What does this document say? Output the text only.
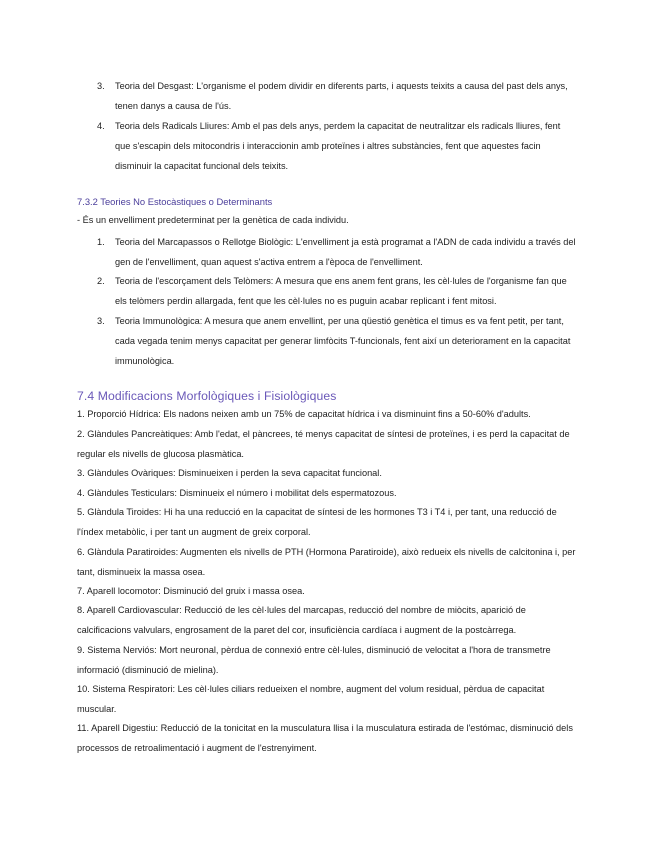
3. Teoria del Desgast: L'organisme el podem dividir en diferents parts, i aquests teixits a causa del past dels anys, tenen danys a causa de l'ús.
4. Teoria dels Radicals Lliures: Amb el pas dels anys, perdem la capacitat de neutralitzar els radicals lliures, fent que s'escapin dels mitocondris i interaccionin amb proteïnes i altres substàncies, fent que aquestes facin disminuir la capacitat funcional dels teixits.
7.3.2 Teories No Estocàstiques o Determinants
- És un envelliment predeterminat per la genètica de cada individu.
1. Teoria del Marcapassos o Rellotge Biològic: L'envelliment ja està programat a l'ADN de cada individu a través del gen de l'envelliment, quan aquest s'activa entrem a l'època de l'envelliment.
2. Teoria de l'escorçament dels Telòmers: A mesura que ens anem fent grans, les cèl·lules de l'organisme fan que els telòmers perdin allargada, fent que les cèl·lules no es puguin acabar replicant i fent mitosi.
3. Teoria Immunològica: A mesura que anem envellint, per una qüestió genètica el timus es va fent petit, per tant, cada vegada tenim menys capacitat per generar limfòcits T-funcionals, fent així un deteriorament en la capacitat immunològica.
7.4 Modificacions Morfològiques i Fisiològiques
1. Proporció Hídrica: Els nadons neixen amb un 75% de capacitat hídrica i va disminuint fins a 50-60% d'adults.
2. Glàndules Pancreàtiques: Amb l'edat, el pàncrees, té menys capacitat de síntesi de proteïnes, i es perd la capacitat de regular els nivells de glucosa plasmàtica.
3. Glàndules Ovàriques: Disminueixen i perden la seva capacitat funcional.
4. Glàndules Testiculars: Disminueix el número i mobilitat dels espermatozous.
5. Glàndula Tiroides: Hi ha una reducció en la capacitat de síntesi de les hormones T3 i T4 i, per tant, una reducció de l'índex metabòlic, i per tant un augment de greix corporal.
6. Glàndula Paratiroides: Augmenten els nivells de PTH (Hormona Paratiroide), això redueix els nivells de calcitonina i, per tant, disminueix la massa osea.
7. Aparell locomotor: Disminució del gruix i massa osea.
8. Aparell Cardiovascular: Reducció de les cèl·lules del marcapas, reducció del nombre de miòcits, aparició de calcificacions valvulars, engrosament de la paret del cor, insuficiència cardíaca i augment de la postcàrrega.
9. Sistema Nerviós: Mort neuronal, pèrdua de connexió entre cèl·lules, disminució de velocitat a l'hora de transmetre informació (disminució de mielina).
10. Sistema Respiratori: Les cèl·lules ciliars redueixen el nombre, augment del volum residual, pèrdua de capacitat muscular.
11. Aparell Digestiu: Reducció de la tonicitat en la musculatura llisa i la musculatura estirada de l'estómac, disminució dels processos de retroalimentació i augment de l'estrenyiment.
